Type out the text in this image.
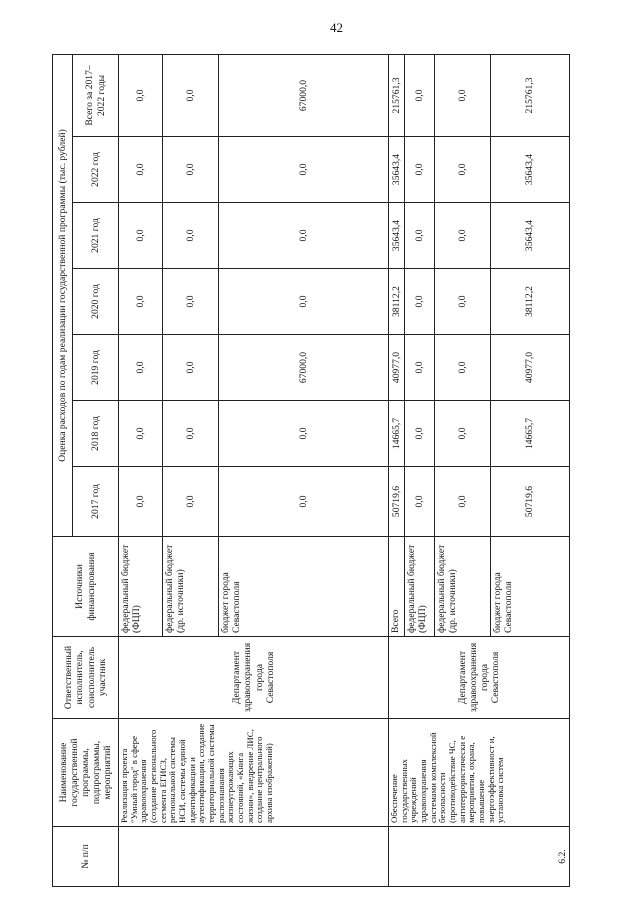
42
№ п/п	Наименование государственной программы, подпрограммы, мероприятий	Ответственный исполнитель, соисполнитель участник	Источники финансирования	Оценка расходов по годам реализации государственной программы (тыс. рублей)						
				2017 год	2018 год	2019 год	2020 год	2021 год	2022 год	Всего за 2017–2022 годы
	Реализация проекта "Умный город" в сфере здравоохранения (создание регионального сегмента ЕГИСЗ, региональной системы НСИ, системы единой идентификации и аутентификации, создание территориальной системы распознавания жизнеугрожающих состояний, «Книга жизни», внедрение ЛИС, создание центрального архива изображений)	Департамент здравоохранения города Севастополя	федеральный бюджет (ФЦП)	0,0	0,0	0,0	0,0	0,0	0,0	0,0
			федеральный бюджет (др. источники)	0,0	0,0	0,0	0,0	0,0	0,0	0,0
			бюджет города Севастополя	0,0	0,0	67000,0	0,0	0,0	0,0	67000,0
6.2.	Обеспечение государственных учреждений здравоохранения системами комплексной безопасности (противодействие ЧС, антитеррористически е мероприятия, охрана, повышение энергоэффективност и, установка систем	Департамент здравоохранения города Севастополя	Всего	50719,6	14665,7	40977,0	38112,2	35643,4	35643,4	215761,3
			федеральный бюджет (ФЦП)	0,0	0,0	0,0	0,0	0,0	0,0	0,0
			федеральный бюджет (др. источники)	0,0	0,0	0,0	0,0	0,0	0,0	0,0
			бюджет города Севастополя	50719,6	14665,7	40977,0	38112,2	35643,4	35643,4	215761,3
